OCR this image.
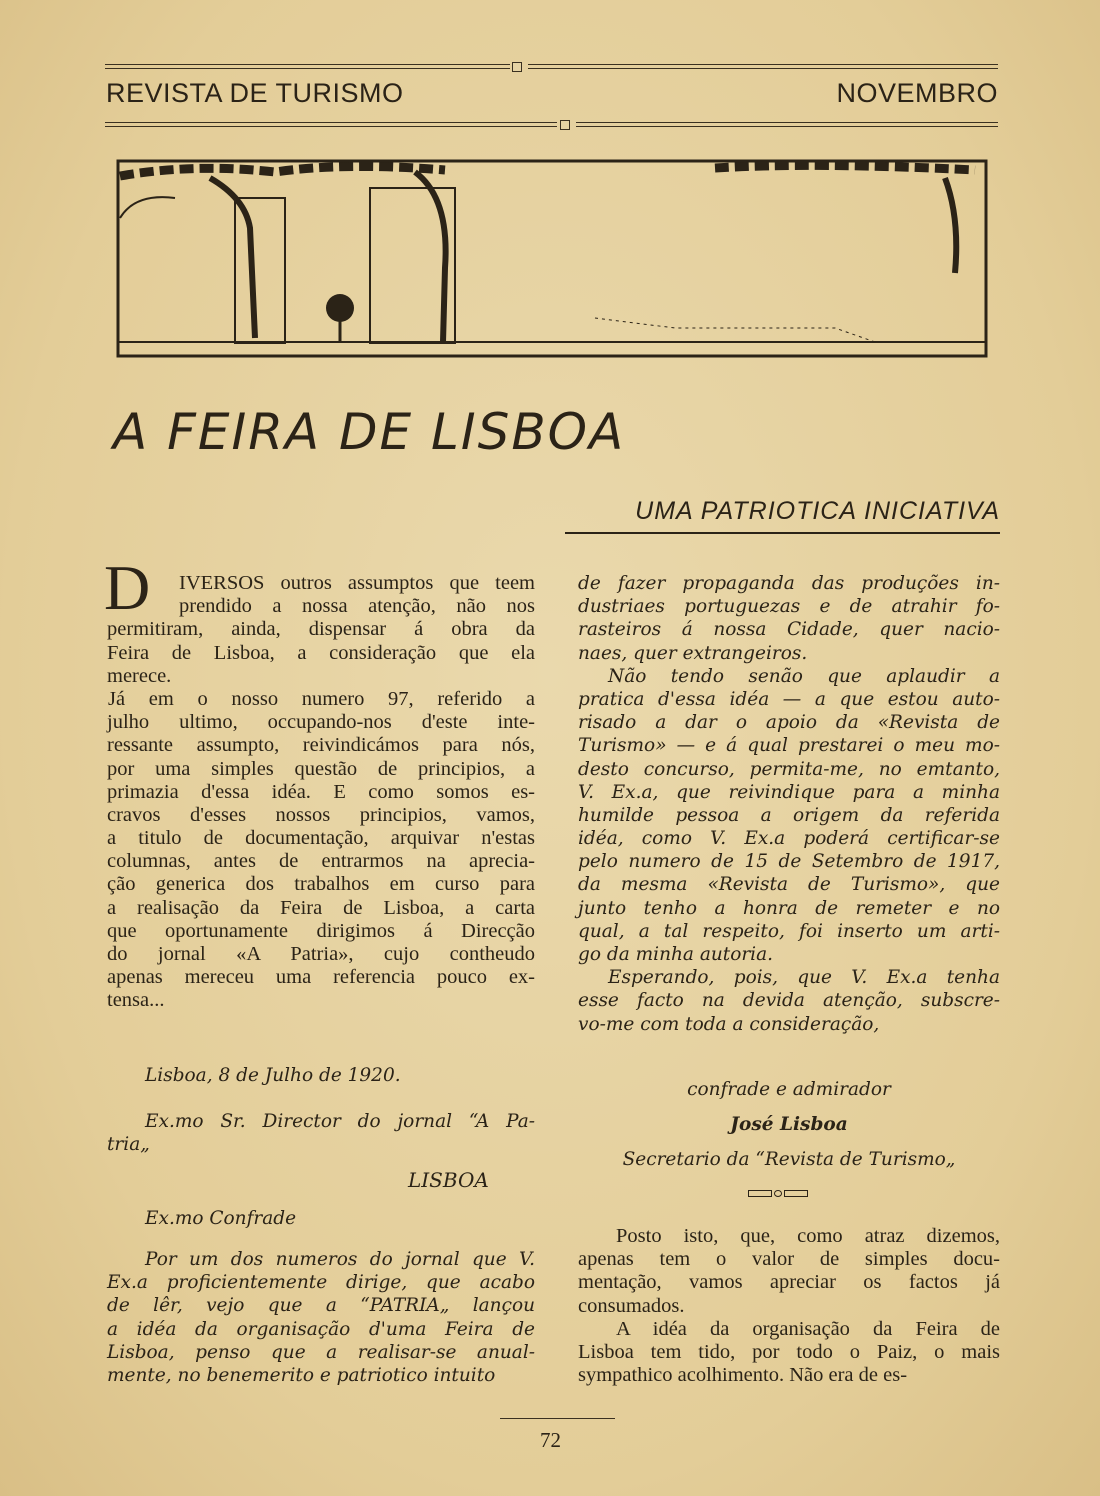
REVISTA DE TURISMO	NOVEMBRO
A FEIRA DE LISBOA
UMA PATRIOTICA INICIATIVA
D	IVERSOS outros assumptos que teem
prendido a nossa atenção, não nos
permitiram, ainda, dispensar á obra da
Feira de Lisboa, a consideração que ela
merece.
Já em o nosso numero 97, referido a
julho ultimo, occupando-nos d'este inte-
ressante assumpto, reivindicámos para nós,
por uma simples questão de principios, a
primazia d'essa idéa. E como somos es-
cravos d'esses nossos principios, vamos,
a titulo de documentação, arquivar n'estas
columnas, antes de entrarmos na aprecia-
ção generica dos trabalhos em curso para
a realisação da Feira de Lisboa, a carta
que oportunamente dirigimos á Direcção
do jornal «A Patria», cujo contheudo
apenas mereceu uma referencia pouco ex-
tensa...
Lisboa, 8 de Julho de 1920.
Ex.mo Sr. Director do jornal “A Pa-
tria„
LISBOA
Ex.mo Confrade
Por um dos numeros do jornal que V.
Ex.a proficientemente dirige, que acabo
de lêr, vejo que a “PATRIA„ lançou
a idéa da organisação d'uma Feira de
Lisboa, penso que a realisar-se anual-
mente, no benemerito e patriotico intuito
de fazer propaganda das produções in-
dustriaes portuguezas e de atrahir fo-
rasteiros á nossa Cidade, quer nacio-
naes, quer extrangeiros.
Não tendo senão que aplaudir a
pratica d'essa idéa — a que estou auto-
risado a dar o apoio da «Revista de
Turismo» — e á qual prestarei o meu mo-
desto concurso, permita-me, no emtanto,
V. Ex.a, que reivindique para a minha
humilde pessoa a origem da referida
idéa, como V. Ex.a poderá certificar-se
pelo numero de 15 de Setembro de 1917,
da mesma «Revista de Turismo», que
junto tenho a honra de remeter e no
qual, a tal respeito, foi inserto um arti-
go da minha autoria.
Esperando, pois, que V. Ex.a tenha
esse facto na devida atenção, subscre-
vo-me com toda a consideração,
confrade e admirador
José Lisboa
Secretario da “Revista de Turismo„
Posto isto, que, como atraz dizemos,
apenas tem o valor de simples docu-
mentação, vamos apreciar os factos já
consumados.
A idéa da organisação da Feira de
Lisboa tem tido, por todo o Paiz, o mais
sympathico acolhimento. Não era de es-
72
